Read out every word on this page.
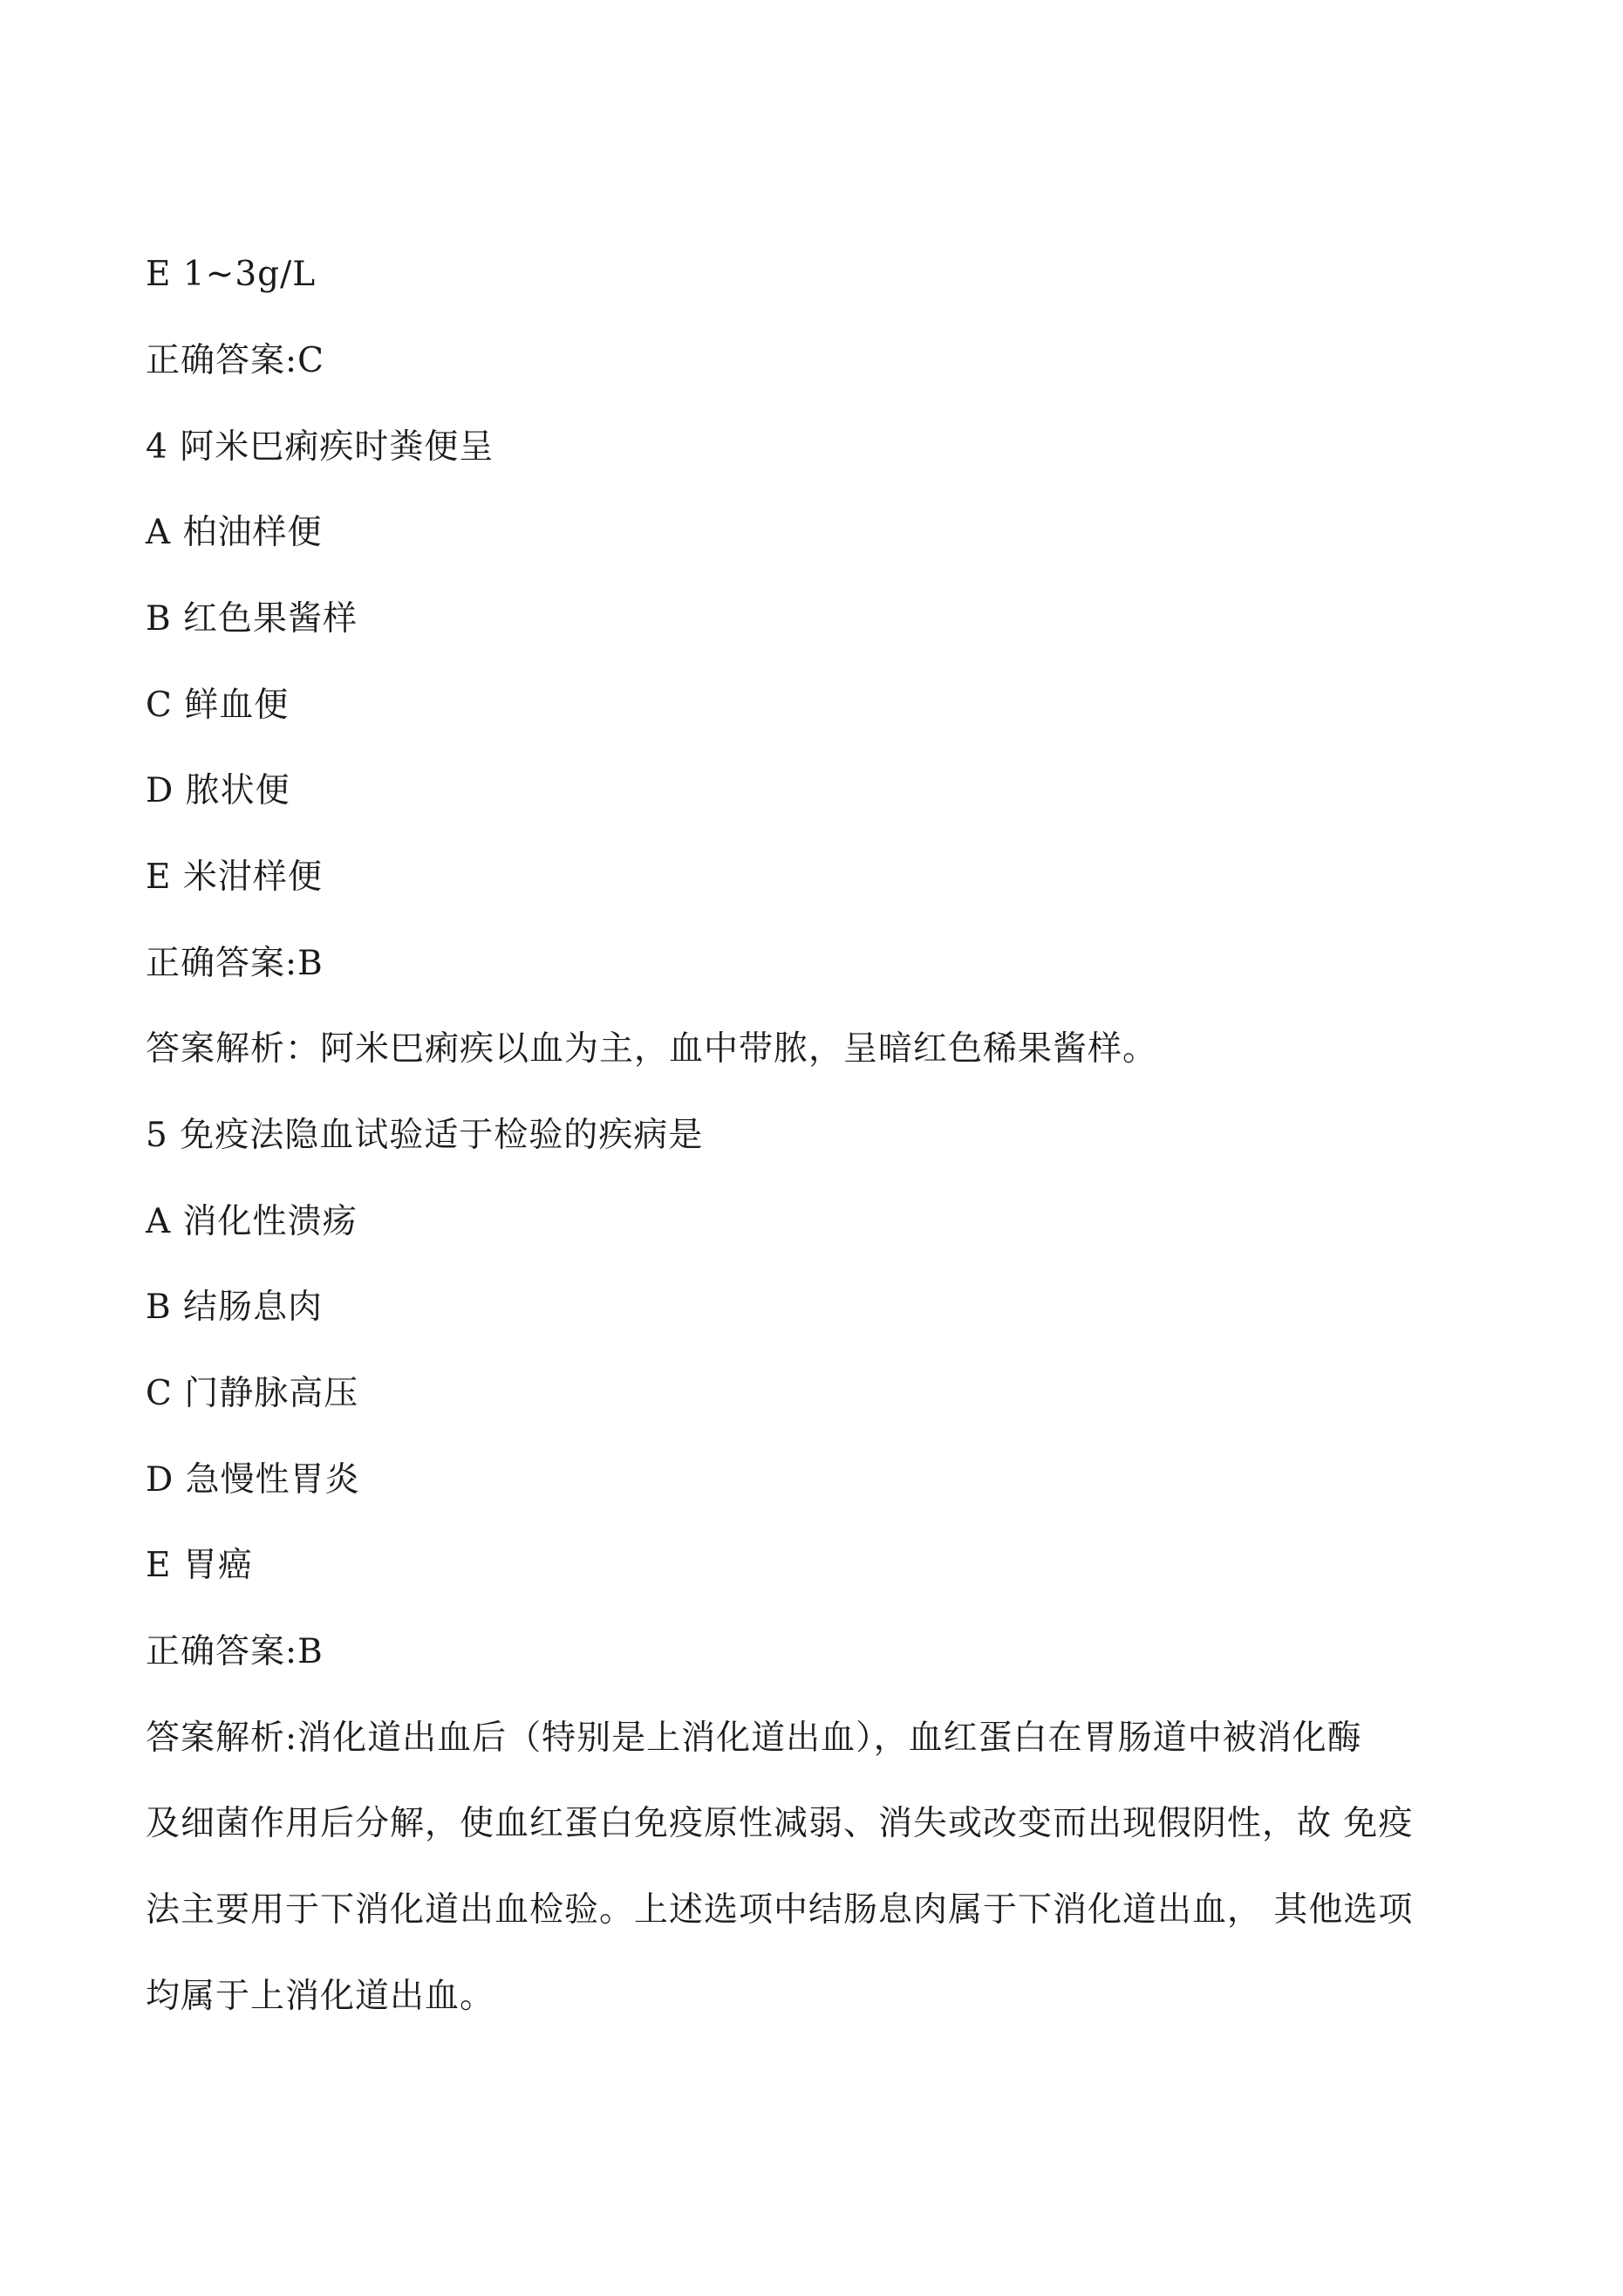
E 1~3g/L
正确答案:C
4 阿米巴痢疾时粪便呈
A 柏油样便
B 红色果酱样
C 鲜血便
D 脓状便
E 米泔样便
正确答案:B
答案解析：阿米巴痢疾以血为主，血中带脓，呈暗红色稀果酱样。
5 免疫法隐血试验适于检验的疾病是
A 消化性溃疡
B 结肠息肉
C 门静脉高压
D 急慢性胃炎
E 胃癌
正确答案:B
答案解析:消化道出血后（特别是上消化道出血），血红蛋白在胃肠道中被消化酶
及细菌作用后分解，使血红蛋白免疫原性减弱、消失或改变而出现假阴性，故 免疫
法主要用于下消化道出血检验。上述选项中结肠息肉属于下消化道出血， 其他选项
均属于上消化道出血。
